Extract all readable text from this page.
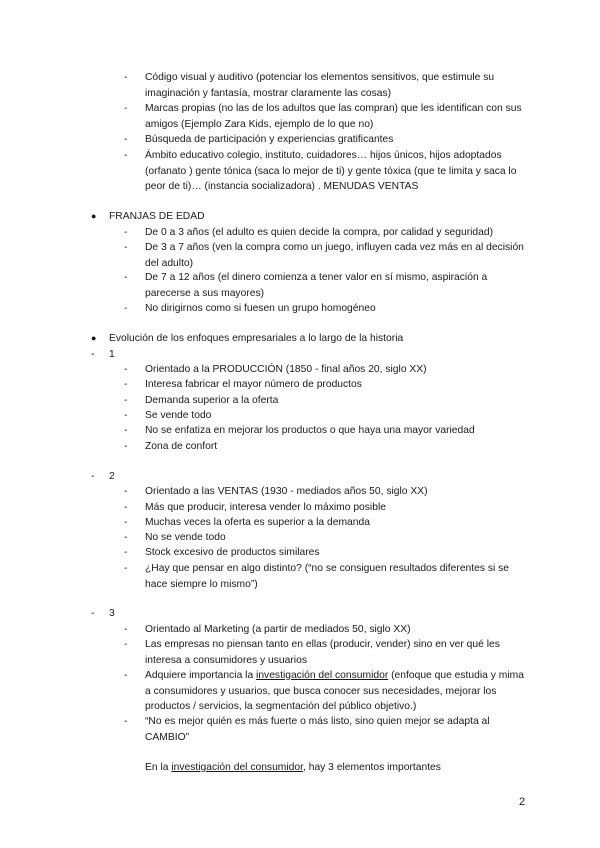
- Código visual y auditivo (potenciar los elementos sensitivos, que estimule su imaginación y fantasía, mostrar claramente las cosas)

- Marcas propias (no las de los adultos que las compran) que les identifican con sus amigos (Ejemplo Zara Kids, ejemplo de lo que no)

- Búsqueda de participación y experiencias gratificantes

- Ámbito educativo colegio, instituto, cuidadores… hijos únicos, hijos adoptados (orfanato ) gente tónica (saca lo mejor de ti) y gente tóxica (que te limita y saca lo peor de ti)… (instancia socializadora) . MENUDAS VENTAS

● FRANJAS DE EDAD

- De 0 a 3 años (el adulto es quien decide la compra, por calidad y seguridad)

- De 3 a 7 años (ven la compra como un juego, influyen cada vez más en al decisión del adulto)

- De 7 a 12 años (el dinero comienza a tener valor en sí mismo, aspiración a parecerse a sus mayores)

- No dirigirnos como si fuesen un grupo homogéneo

● Evolución de los enfoques empresariales a lo largo de la historia

- 1

- Orientado a la PRODUCCIÓN (1850 - final años 20, siglo XX)

- Interesa fabricar el mayor número de productos

- Demanda superior a la oferta

- Se vende todo

- No se enfatiza en mejorar los productos o que haya una mayor variedad

- Zona de confort

- 2

- Orientado a las VENTAS (1930 - mediados años 50, siglo XX)

- Más que producir, interesa vender lo máximo posible

- Muchas veces la oferta es superior a la demanda

- No se vende todo

- Stock excesivo de productos similares

- ¿Hay que pensar en algo distinto? (“no se consiguen resultados diferentes si se hace siempre lo mismo”)

- 3

- Orientado al Marketing (a partir de mediados 50, siglo XX)

- Las empresas no piensan tanto en ellas (producir, vender) sino en ver qué les interesa a consumidores y usuarios

- Adquiere importancia la investigación del consumidor (enfoque que estudia y mima a consumidores y usuarios, que busca conocer sus necesidades, mejorar los productos / servicios, la segmentación del público objetivo.)

- “No es mejor quién es más fuerte o más listo, sino quien mejor se adapta al CAMBIO”

En la investigación del consumidor, hay 3 elementos importantes

2
